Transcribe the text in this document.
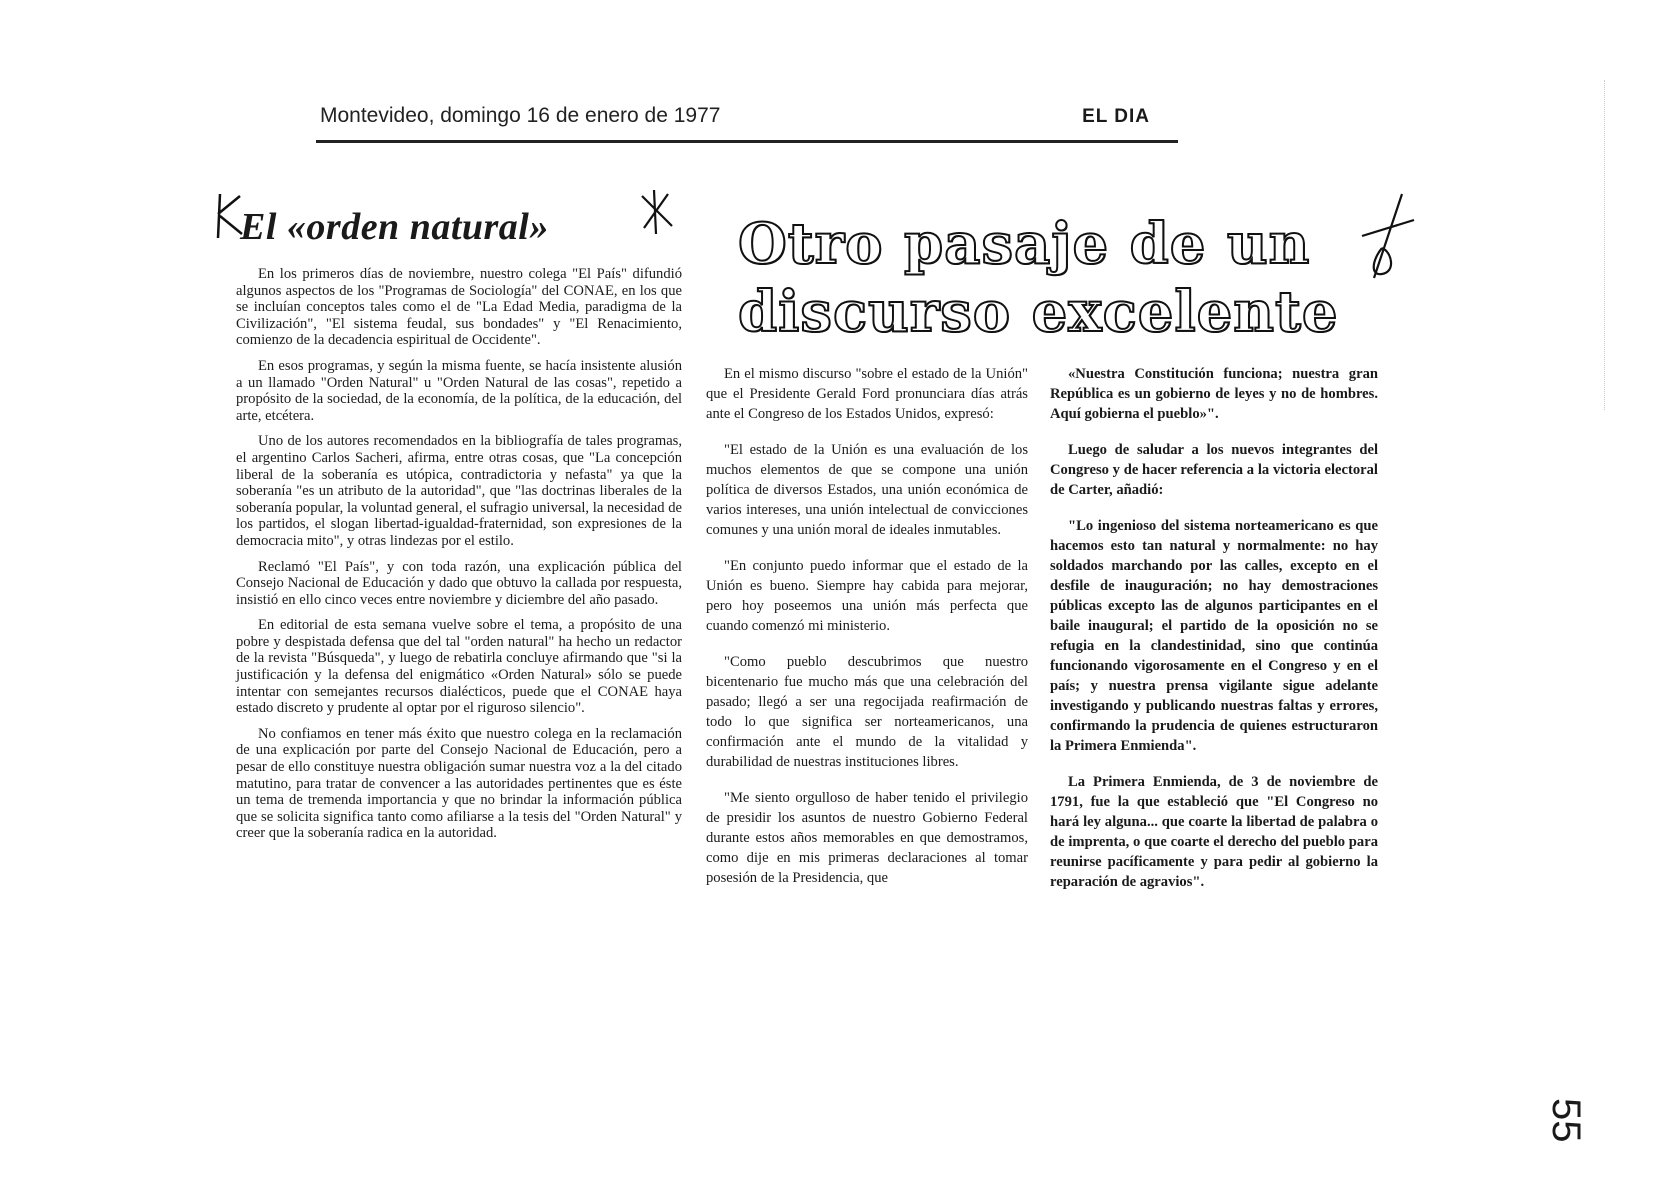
Montevideo, domingo 16 de enero de 1977	EL DIA
El «orden natural»

En los primeros días de noviembre, nuestro colega "El País" difundió algunos aspectos de los "Programas de Sociología" del CONAE, en los que se incluían conceptos tales como el de "La Edad Media, paradigma de la Civilización", "El sistema feudal, sus bondades" y "El Renacimiento, comienzo de la decadencia espiritual de Occidente".

En esos programas, y según la misma fuente, se hacía insistente alusión a un llamado "Orden Natural" u "Orden Natural de las cosas", repetido a propósito de la sociedad, de la economía, de la política, de la educación, del arte, etcétera.

Uno de los autores recomendados en la bibliografía de tales programas, el argentino Carlos Sacheri, afirma, entre otras cosas, que "La concepción liberal de la soberanía es utópica, contradictoria y nefasta" ya que la soberanía "es un atributo de la autoridad", que "las doctrinas liberales de la soberanía popular, la voluntad general, el sufragio universal, la necesidad de los partidos, el slogan libertad-igualdad-fraternidad, son expresiones de la democracia mito", y otras lindezas por el estilo.

Reclamó "El País", y con toda razón, una explicación pública del Consejo Nacional de Educación y dado que obtuvo la callada por respuesta, insistió en ello cinco veces entre noviembre y diciembre del año pasado.

En editorial de esta semana vuelve sobre el tema, a propósito de una pobre y despistada defensa que del tal "orden natural" ha hecho un redactor de la revista "Búsqueda", y luego de rebatirla concluye afirmando que "si la justificación y la defensa del enigmático «Orden Natural» sólo se puede intentar con semejantes recursos dialécticos, puede que el CONAE haya estado discreto y prudente al optar por el riguroso silencio".

No confiamos en tener más éxito que nuestro colega en la reclamación de una explicación por parte del Consejo Nacional de Educación, pero a pesar de ello constituye nuestra obligación sumar nuestra voz a la del citado matutino, para tratar de convencer a las autoridades pertinentes que es éste un tema de tremenda importancia y que no brindar la información pública que se solicita significa tanto como afiliarse a la tesis del "Orden Natural" y creer que la soberanía radica en la autoridad.

Otro pasaje de un discurso excelente

En el mismo discurso "sobre el estado de la Unión" que el Presidente Gerald Ford pronunciara días atrás ante el Congreso de los Estados Unidos, expresó:

"El estado de la Unión es una evaluación de los muchos elementos de que se compone una unión política de diversos Estados, una unión económica de varios intereses, una unión intelectual de convicciones comunes y una unión moral de ideales inmutables.

"En conjunto puedo informar que el estado de la Unión es bueno. Siempre hay cabida para mejorar, pero hoy poseemos una unión más perfecta que cuando comenzó mi ministerio.

"Como pueblo descubrimos que nuestro bicentenario fue mucho más que una celebración del pasado; llegó a ser una regocijada reafirmación de todo lo que significa ser norteamericanos, una confirmación ante el mundo de la vitalidad y durabilidad de nuestras instituciones libres.

"Me siento orgulloso de haber tenido el privilegio de presidir los asuntos de nuestro Gobierno Federal durante estos años memorables en que demostramos, como dije en mis primeras declaraciones al tomar posesión de la Presidencia, que

«Nuestra Constitución funciona; nuestra gran República es un gobierno de leyes y no de hombres. Aquí gobierna el pueblo»".

Luego de saludar a los nuevos integrantes del Congreso y de hacer referencia a la victoria electoral de Carter, añadió:

"Lo ingenioso del sistema norteamericano es que hacemos esto tan natural y normalmente: no hay soldados marchando por las calles, excepto en el desfile de inauguración; no hay demostraciones públicas excepto las de algunos participantes en el baile inaugural; el partido de la oposición no se refugia en la clandestinidad, sino que continúa funcionando vigorosamente en el Congreso y en el país; y nuestra prensa vigilante sigue adelante investigando y publicando nuestras faltas y errores, confirmando la prudencia de quienes estructuraron la Primera Enmienda".

La Primera Enmienda, de 3 de noviembre de 1791, fue la que estableció que "El Congreso no hará ley alguna... que coarte la libertad de palabra o de imprenta, o que coarte el derecho del pueblo para reunirse pacíficamente y para pedir al gobierno la reparación de agravios".

55
